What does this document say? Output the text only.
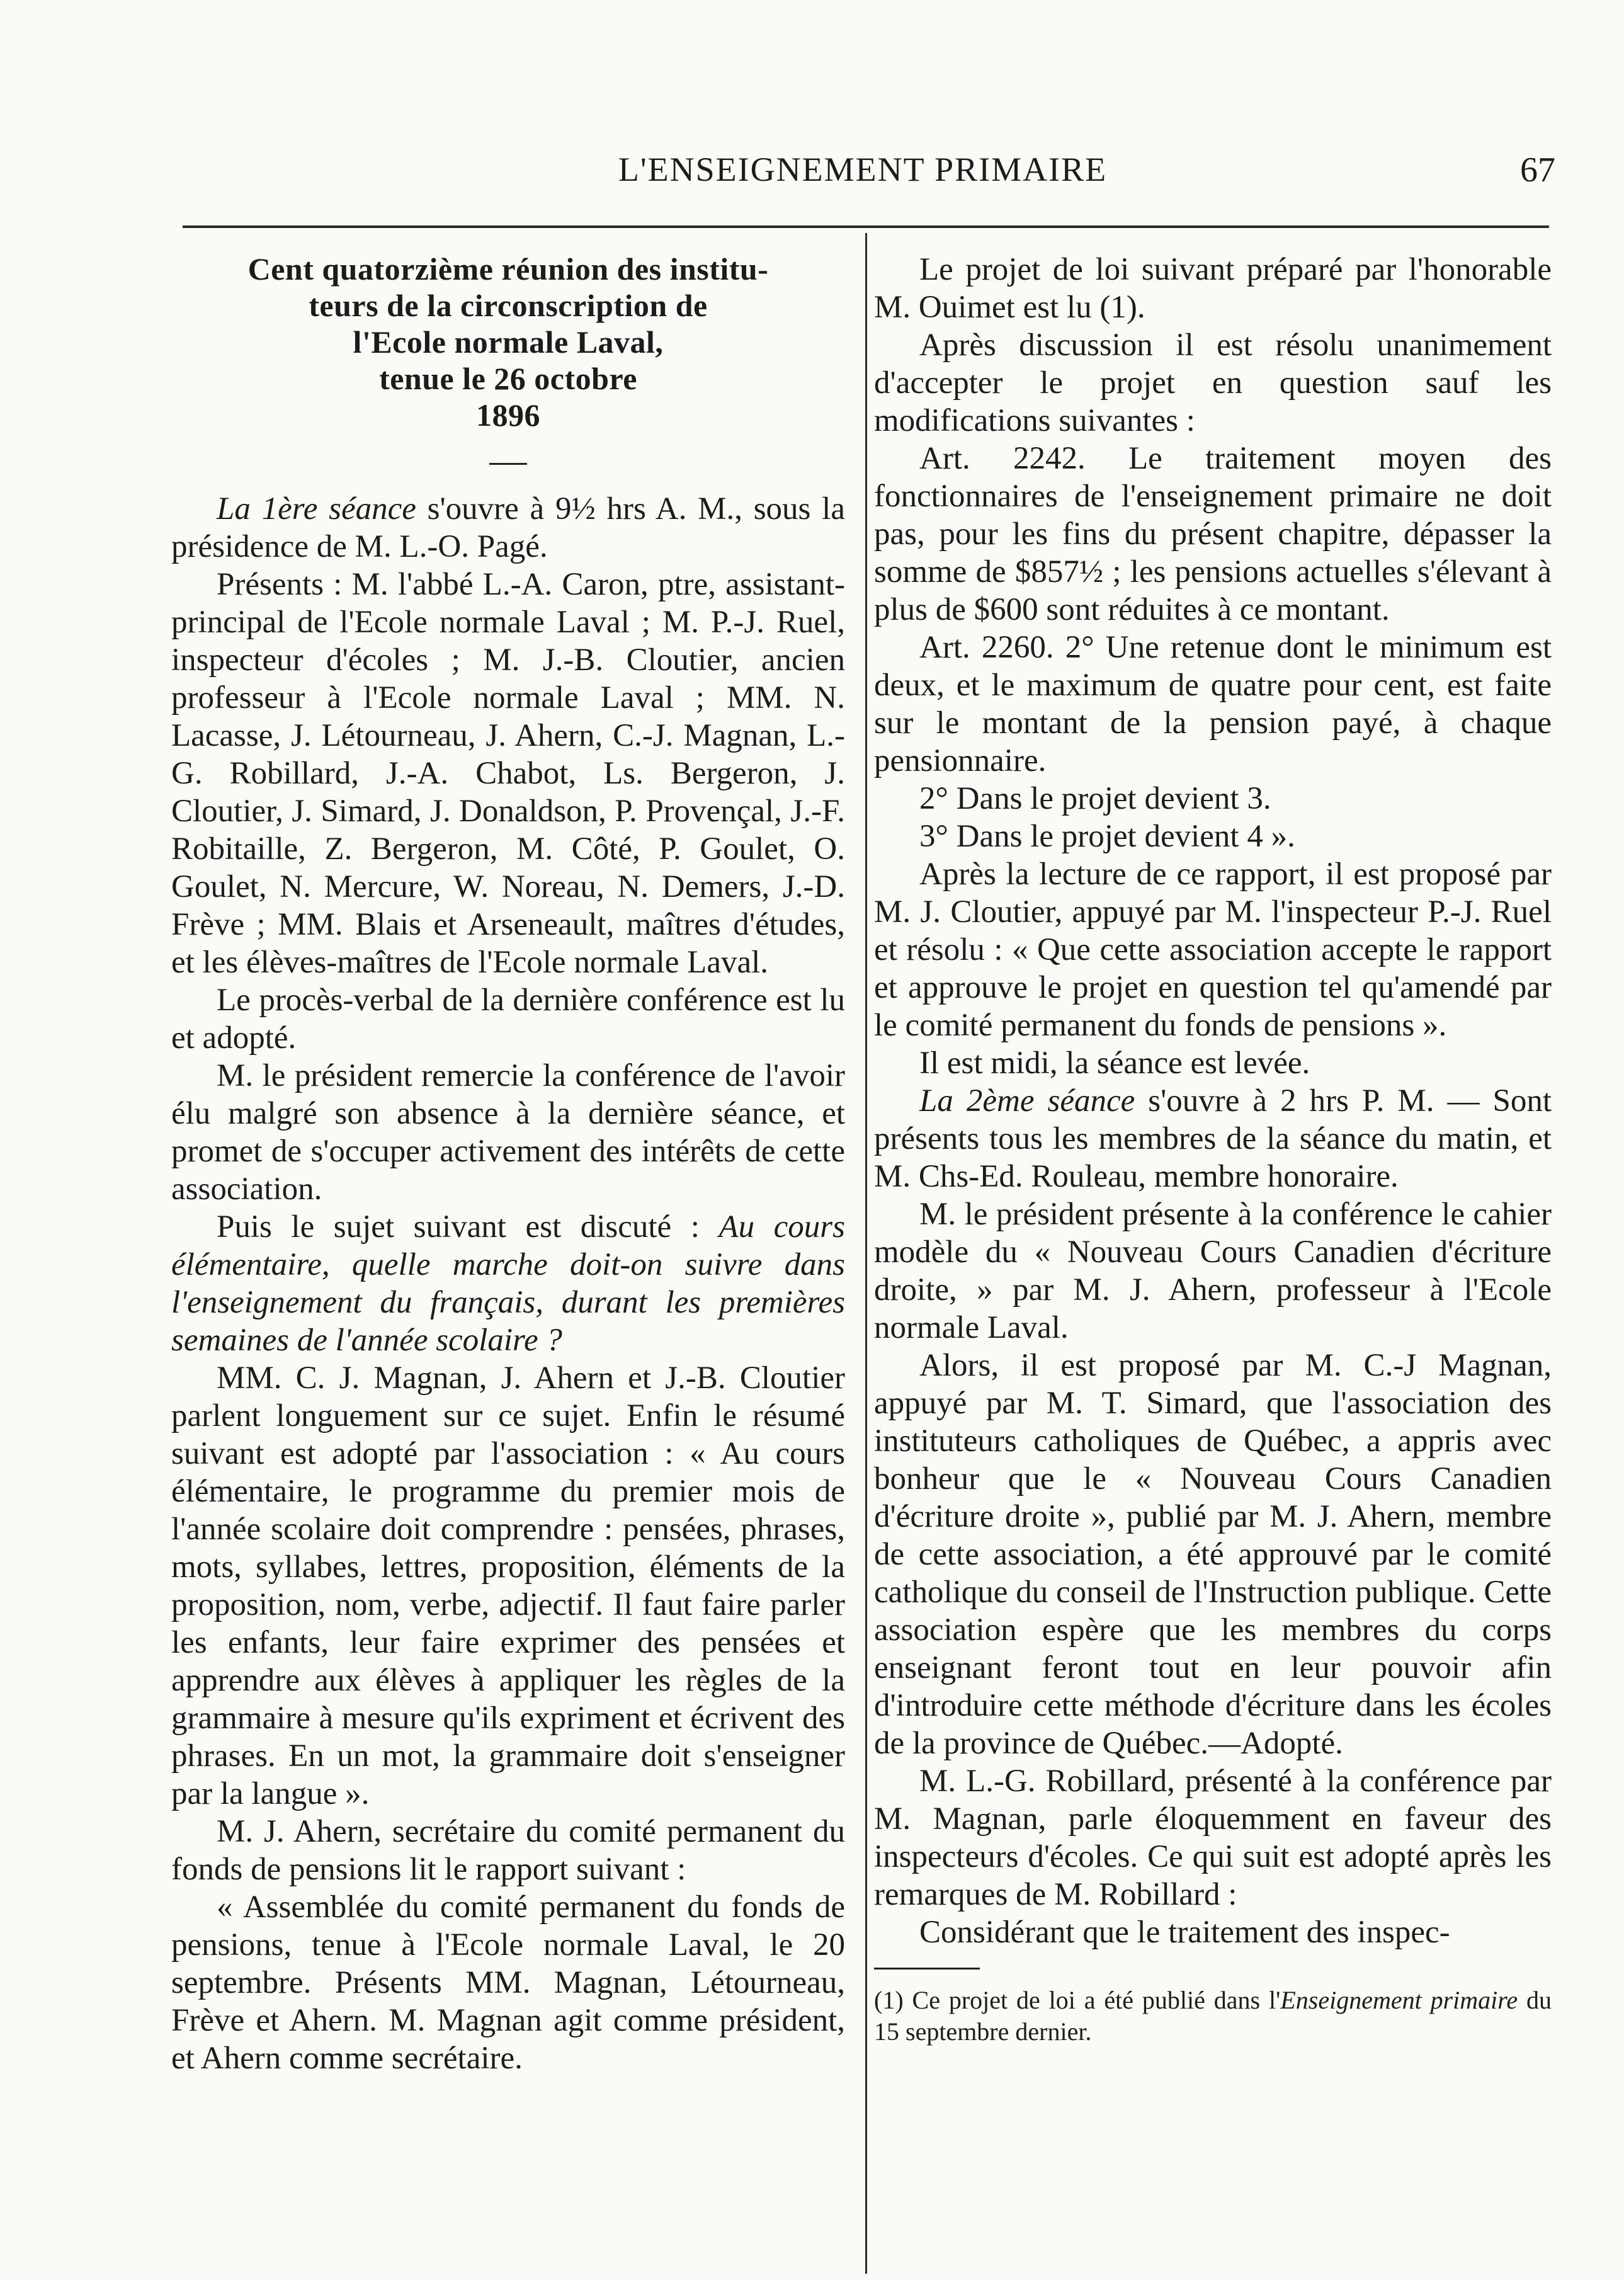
L'ENSEIGNEMENT PRIMAIRE	67
Cent quatorzième réunion des institu-
teurs de la circonscription de
l'Ecole normale Laval,
tenue le 26 octobre
1896

La 1ère séance s'ouvre à 9½ hrs A. M., sous la présidence de M. L.-O. Pagé.

Présents : M. l'abbé L.-A. Caron, ptre, assistant-principal de l'Ecole normale Laval ; M. P.-J. Ruel, inspecteur d'écoles ; M. J.-B. Cloutier, ancien professeur à l'Ecole normale Laval ; MM. N. Lacasse, J. Létourneau, J. Ahern, C.-J. Magnan, L.-G. Robillard, J.-A. Chabot, Ls. Bergeron, J. Cloutier, J. Simard, J. Donaldson, P. Provençal, J.-F. Robitaille, Z. Bergeron, M. Côté, P. Goulet, O. Goulet, N. Mercure, W. Noreau, N. Demers, J.-D. Frève ; MM. Blais et Arseneault, maîtres d'études, et les élèves-maîtres de l'Ecole normale Laval.

Le procès-verbal de la dernière conférence est lu et adopté.

M. le président remercie la conférence de l'avoir élu malgré son absence à la dernière séance, et promet de s'occuper activement des intérêts de cette association.

Puis le sujet suivant est discuté : Au cours élémentaire, quelle marche doit-on suivre dans l'enseignement du français, durant les premières semaines de l'année scolaire ?

MM. C. J. Magnan, J. Ahern et J.-B. Cloutier parlent longuement sur ce sujet. Enfin le résumé suivant est adopté par l'association : « Au cours élémentaire, le programme du premier mois de l'année scolaire doit comprendre : pensées, phrases, mots, syllabes, lettres, proposition, éléments de la proposition, nom, verbe, adjectif. Il faut faire parler les enfants, leur faire exprimer des pensées et apprendre aux élèves à appliquer les règles de la grammaire à mesure qu'ils expriment et écrivent des phrases. En un mot, la grammaire doit s'enseigner par la langue ».

M. J. Ahern, secrétaire du comité permanent du fonds de pensions lit le rapport suivant :

« Assemblée du comité permanent du fonds de pensions, tenue à l'Ecole normale Laval, le 20 septembre. Présents MM. Magnan, Létourneau, Frève et Ahern. M. Magnan agit comme président, et Ahern comme secrétaire.

Le projet de loi suivant préparé par l'honorable M. Ouimet est lu (1).

Après discussion il est résolu unanimement d'accepter le projet en question sauf les modifications suivantes :

Art. 2242. Le traitement moyen des fonctionnaires de l'enseignement primaire ne doit pas, pour les fins du présent chapitre, dépasser la somme de $857½ ; les pensions actuelles s'élevant à plus de $600 sont réduites à ce montant.

Art. 2260. 2° Une retenue dont le minimum est deux, et le maximum de quatre pour cent, est faite sur le montant de la pension payé, à chaque pensionnaire.

2° Dans le projet devient 3.

3° Dans le projet devient 4 ».

Après la lecture de ce rapport, il est proposé par M. J. Cloutier, appuyé par M. l'inspecteur P.-J. Ruel et résolu : « Que cette association accepte le rapport et approuve le projet en question tel qu'amendé par le comité permanent du fonds de pensions ».

Il est midi, la séance est levée.

La 2ème séance s'ouvre à 2 hrs P. M. — Sont présents tous les membres de la séance du matin, et M. Chs-Ed. Rouleau, membre honoraire.

M. le président présente à la conférence le cahier modèle du « Nouveau Cours Canadien d'écriture droite, » par M. J. Ahern, professeur à l'Ecole normale Laval.

Alors, il est proposé par M. C.-J Magnan, appuyé par M. T. Simard, que l'association des instituteurs catholiques de Québec, a appris avec bonheur que le « Nouveau Cours Canadien d'écriture droite », publié par M. J. Ahern, membre de cette association, a été approuvé par le comité catholique du conseil de l'Instruction publique. Cette association espère que les membres du corps enseignant feront tout en leur pouvoir afin d'introduire cette méthode d'écriture dans les écoles de la province de Québec.—Adopté.

M. L.-G. Robillard, présenté à la conférence par M. Magnan, parle éloquemment en faveur des inspecteurs d'écoles. Ce qui suit est adopté après les remarques de M. Robillard :

Considérant que le traitement des inspec-

(1) Ce projet de loi a été publié dans l'Enseignement primaire du 15 septembre dernier.
